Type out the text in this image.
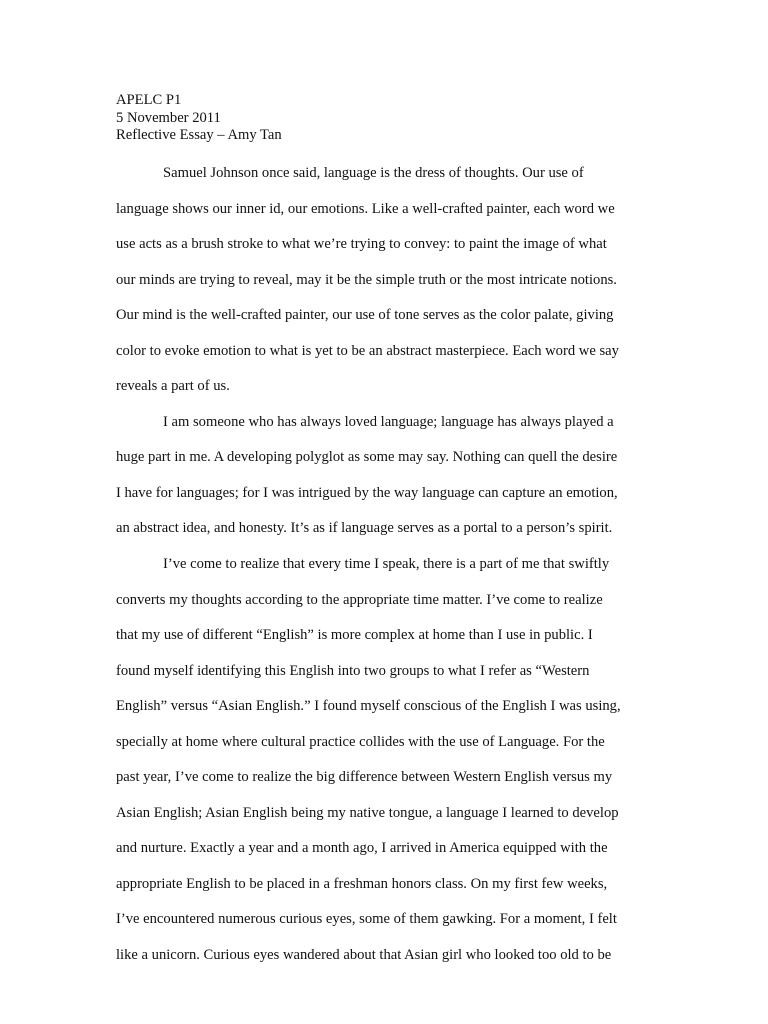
APELC P1
5 November 2011
Reflective Essay – Amy Tan
Samuel Johnson once said, language is the dress of thoughts. Our use of
language shows our inner id, our emotions. Like a well-crafted painter, each word we
use acts as a brush stroke to what we’re trying to convey: to paint the image of what
our minds are trying to reveal, may it be the simple truth or the most intricate notions.
Our mind is the well-crafted painter, our use of tone serves as the color palate, giving
color to evoke emotion to what is yet to be an abstract masterpiece. Each word we say
reveals a part of us.
I am someone who has always loved language; language has always played a
huge part in me. A developing polyglot as some may say. Nothing can quell the desire
I have for languages; for I was intrigued by the way language can capture an emotion,
an abstract idea, and honesty. It’s as if language serves as a portal to a person’s spirit.
I’ve come to realize that every time I speak, there is a part of me that swiftly
converts my thoughts according to the appropriate time matter. I’ve come to realize
that my use of different “English” is more complex at home than I use in public. I
found myself identifying this English into two groups to what I refer as “Western
English” versus “Asian English.” I found myself conscious of the English I was using,
specially at home where cultural practice collides with the use of Language. For the
past year, I’ve come to realize the big difference between Western English versus my
Asian English; Asian English being my native tongue, a language I learned to develop
and nurture. Exactly a year and a month ago, I arrived in America equipped with the
appropriate English to be placed in a freshman honors class. On my first few weeks,
I’ve encountered numerous curious eyes, some of them gawking. For a moment, I felt
like a unicorn. Curious eyes wandered about that Asian girl who looked too old to be
